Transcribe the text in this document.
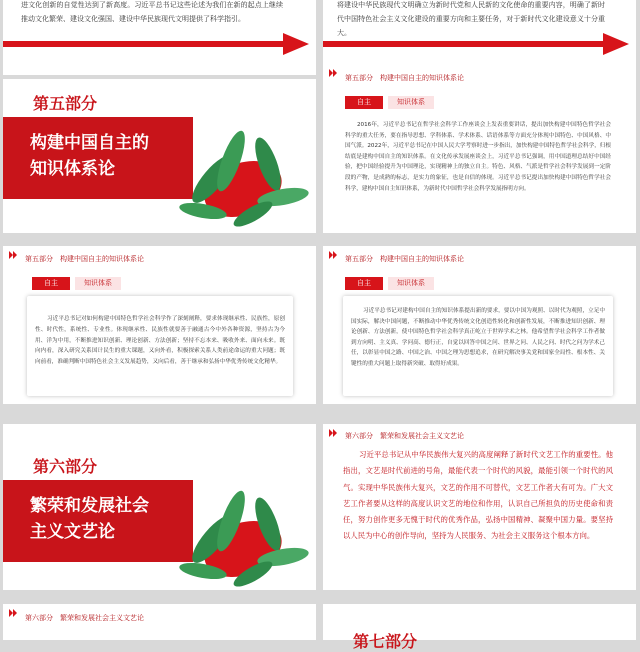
进文化创新的自觉性达到了新高度。习近平总书记这些论述为我们在新的起点上继续推动文化繁荣、建设文化强国、建设中华民族现代文明提供了科学指引。
将建设中华民族现代文明确立为新时代党和人民新的文化使命的重要内容，明确了新时代中国特色社会主义文化建设的重要方向和主要任务，对于新时代文化建设意义十分重大。
第五部分
构建中国自主的
知识体系论
第五部分　构建中国自主的知识体系论
自主	知识体系
2016年，习近平总书记在哲学社会科学工作座谈会上发表重要讲话，提出加快构建中国特色哲学社会科学的重大任务，要在指导思想、学科体系、学术体系、话语体系等方面充分体现中国特色、中国风格、中国气派。2022年，习近平总书记在中国人民大学考察时进一步指出，加快构建中国特色哲学社会科学，归根结底是建构中国自主的知识体系。在文化传承发展座谈会上，习近平总书记强调，用中国道理总结好中国经验，把中国经验提升为中国理论，实现精神上的独立自主。特色、风格、气派是哲学社会科学发展到一定阶段的产物，是成熟的标志，是实力的象征，也是自信的体现。习近平总书记提出加快构建中国特色哲学社会科学，建构中国自主知识体系，为新时代中国哲学社会科学发展指明方向。
第五部分　构建中国自主的知识体系论
自主	知识体系
习近平总书记对如何构建中国特色哲学社会科学作了深刻阐释，要求体现继承性、民族性，原创性、时代性，系统性、专业性。体现继承性、民族性就要善于融通古今中外各种资源，坚持古为今用、洋为中用，不断推进知识创新、理论创新、方法创新；坚持不忘本来、吸收外来、面向未来。既向内看，深入研究关系国计民生的重大课题，又向外看，积极探索关系人类前途命运的重大问题；既向前看，准确判断中国特色社会主义发展趋势，又向后看，善于继承和弘扬中华优秀传统文化精华。
第五部分　构建中国自主的知识体系论
自主	知识体系
习近平总书记对建构中国自主的知识体系提出新的要求，要以中国为观照、以时代为观照，立足中国实际，解决中国问题，不断推动中华优秀传统文化创造性转化和创新性发展，不断推进知识创新、理论创新、方法创新，使中国特色哲学社会科学真正屹立于世界学术之林。他希望哲学社会科学工作者做到方向明、主义真、学问高、德行正，自觉以回答中国之问、世界之问、人民之问、时代之问为学术己任，以彰显中国之路、中国之治、中国之理为思想追求，在研究解决事关党和国家全局性、根本性、关键性的重大问题上取得新突破、取得好成果。
第六部分
繁荣和发展社会
主义文艺论
第六部分　繁荣和发展社会主义文艺论
习近平总书记从中华民族伟大复兴的高度阐释了新时代文艺工作的重要性。他指出，文艺是时代前进的号角，最能代表一个时代的风貌，最能引领一个时代的风气。实现中华民族伟大复兴，文艺的作用不可替代，文艺工作者大有可为。广大文艺工作者要从这样的高度认识文艺的地位和作用，认识自己所担负的历史使命和责任，努力创作更多无愧于时代的优秀作品，弘扬中国精神、凝聚中国力量。要坚持以人民为中心的创作导向，坚持为人民服务、为社会主义服务这个根本方向。
第六部分　繁荣和发展社会主义文艺论
第七部分
